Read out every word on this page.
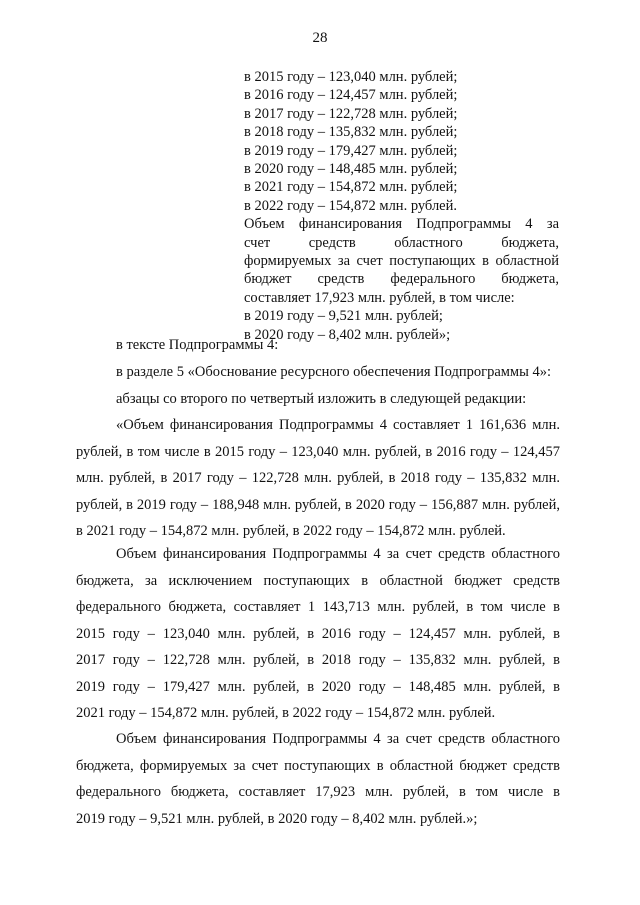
28
в 2015 году – 123,040 млн. рублей;
в 2016 году – 124,457 млн. рублей;
в 2017 году – 122,728 млн. рублей;
в 2018 году – 135,832 млн. рублей;
в 2019 году – 179,427 млн. рублей;
в 2020 году – 148,485 млн. рублей;
в 2021 году – 154,872 млн. рублей;
в 2022 году – 154,872 млн. рублей.
Объем финансирования Подпрограммы 4 за
счет средств областного бюджета,
формируемых за счет поступающих в областной
бюджет средств федерального бюджета,
составляет 17,923 млн. рублей, в том числе:
в 2019 году – 9,521 млн. рублей;
в 2020 году – 8,402 млн. рублей»;
в тексте Подпрограммы 4:
в разделе 5 «Обоснование ресурсного обеспечения Подпрограммы 4»:
абзацы со второго по четвертый изложить в следующей редакции:
«Объем финансирования Подпрограммы 4 составляет 1 161,636 млн.
рублей, в том числе в 2015 году – 123,040 млн. рублей, в 2016 году – 124,457
млн. рублей, в 2017 году – 122,728 млн. рублей, в 2018 году – 135,832 млн.
рублей, в 2019 году – 188,948 млн. рублей, в 2020 году – 156,887 млн. рублей,
в 2021 году – 154,872 млн. рублей, в 2022 году – 154,872 млн. рублей.
Объем финансирования Подпрограммы 4 за счет средств областного
бюджета, за исключением поступающих в областной бюджет средств
федерального бюджета, составляет 1 143,713 млн. рублей, в том числе в
2015 году – 123,040 млн. рублей, в 2016 году – 124,457 млн. рублей, в
2017 году – 122,728 млн. рублей, в 2018 году – 135,832 млн. рублей, в
2019 году – 179,427 млн. рублей, в 2020 году – 148,485 млн. рублей, в
2021 году – 154,872 млн. рублей, в 2022 году – 154,872 млн. рублей.
Объем финансирования Подпрограммы 4 за счет средств областного
бюджета, формируемых за счет поступающих в областной бюджет средств
федерального бюджета, составляет 17,923 млн. рублей, в том числе в
2019 году – 9,521 млн. рублей, в 2020 году – 8,402 млн. рублей.»;
